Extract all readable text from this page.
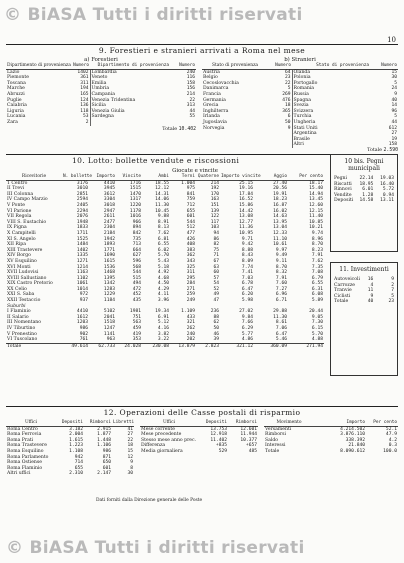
© BiASA Tutti i diritti riservati
© BiASA Tutti i diritti riservati
10
9. Forestieri e stranieri arrivati a Roma nel mese
a) Forestieri
Dipartimento di provenienza	Numero	Dipartimento di provenienza	Numero
Lazio	1402	Lombardia	240
Piemonte	361	Veneto	116
Toscana	311	Emilia	158
Marche	194	Umbria	156
Abruzzi	165	Campania	214
Puglie	124	Venezia Tridentina	22
Calabria	136	Sicilia	313
Liguria	118	Venezia Giulia	44
Lucania	53	Sardegna	55
Zara	2		
Totale 10.402
b) Stranieri
Stato di provenienza	Numero	Stato di provenienza	Numero
Austria	64	Olanda	15
Belgio	23	Polonia	30
Cecoslovacchia	22	Portogallo	5
Danimarca	5	Romania	24
Francia	269	Russia	9
Germania	476	Spagna	40
Grecia	18	Svezia	14
Inghilterra	365	Svizzera	96
Irlanda	6	Turchia	5
Jugoslavia	50	Ungheria	44
Norvegia	9	Stati Uniti	612
		Argentina	27
		Brasile	19
		Altri	158
Totale 2.590
10. Lotto: bollette vendute e riscossioni
Giocate e vincite
Ricevitorie	N. bollette	Importo	Vincite	Ambi	Terni	Quaterne	Importo vincite	Aggio	Per cento
1 Centro	3176	4410	1716	18.55	1.004	214	25.15	27.40	18.17
II Trevi	3010	3945	1515	12.12	975	192	19.16	20.56	15.40
III Colonna	2851	3612	1470	14.31	841	170	17.84	19.91	14.94
IV Campo Marzio	2594	3304	1317	14.06	759	163	16.52	18.23	13.45
V Ponte	2405	3018	1220	11.30	712	151	15.86	16.87	12.60
VI Parione	2294	2947	1178	10.45	655	139	14.42	16.02	12.15
VII Regola	2076	2611	1016	9.88	601	122	13.08	14.63	11.40
VIII S. Eustachio	1948	2477	966	8.91	544	117	12.77	13.95	10.85
IX Pigna	1833	2304	894	8.13	512	103	11.36	13.04	10.21
X Campitelli	1711	2184	842	7.62	477	94	10.95	12.33	9.74
XI S. Angelo	1525	1942	735	6.81	426	86	9.71	11.10	8.96
XII Ripa	1484	1893	713	6.55	408	82	9.42	10.61	8.70
XIII Trastevere	1402	1771	664	6.02	383	75	8.88	9.97	8.23
XIV Borgo	1335	1690	627	5.70	362	71	8.43	9.49	7.91
XV Esquilino	1271	1615	596	5.43	343	67	8.09	9.11	7.62
XVI Monti	1214	1536	568	5.18	325	63	7.74	8.70	7.35
XVII Ludovisi	1163	1468	544	4.92	311	60	7.41	8.32	7.08
XVIII Sallustiano	1102	1395	515	4.68	295	57	7.03	7.91	6.79
XIX Castro Pretorio	1061	1342	494	4.50	284	54	6.78	7.60	6.55
XX Celio	1014	1283	472	4.29	271	52	6.47	7.27	6.31
XXI S. Saba	972	1229	452	4.11	259	49	6.20	6.96	6.08
XXII Testaccio	937	1184	435	3.96	249	47	5.98	6.71	5.89
Suburbi									
I Flaminio	4410	5102	1981	19.34	1.109	236	27.02	29.88	20.44
II Salario	1612	2041	751	6.91	433	88	9.84	11.30	9.05
III Nomentano	1203	1518	563	5.12	321	62	7.66	8.61	7.30
IV Tiburtino	986	1247	459	4.16	262	50	6.29	7.06	6.15
V Prenestino	902	1141	419	3.82	240	46	5.77	6.47	5.70
VI Tuscolano	761	963	353	3.22	202	39	4.86	5.46	4.88
Totale	49.614	62.733	24.028	230.08	13.879	2.823	321.12	360.09	271.94
10 bis. Pegni municipali
Pegni	22.14	19.03
Riscatti	18.95	16.40
Rinnovi	6.01	5.72
Vendite	1.28	0.94
Depositi	14.58	13.11
11. Investimenti
Autoveicoli	16	9
Carrozze	4	2
Tranvie	11	7
Ciclisti	9	5
Totale	40	23
12. Operazioni delle Casse postali di risparmio
Uffici	Depositi	Rimborsi	Libretti
Roma Centro	3.182	2.915	41
Roma Ferrovia	2.004	1.877	27
Roma Prati	1.615	1.448	22
Roma Trastevere	1.223	1.106	18
Roma Esquilino	1.108	986	15
Roma Parlamento	942	871	12
Roma Ostiense	714	650	9
Roma Flaminio	655	601	8
Altri uffici	2.310	2.147	30
Uffici	Depositi	Rimborsi
Mese corrente	13.753	12.601
Mese precedente	12.918	11.944
Stesso mese anno prec.	11.402	10.377
Differenza	+835	+657
Media giornaliera	529	485
Movimento	Importo	Per cento
Versamenti	4.214.502	52.1
Rimborsi	3.876.110	47.9
Saldo	338.392	4.2
Interessi	21.840	0.3
Totale	8.090.612	100.0
Dati forniti dalla Direzione generale delle Poste
